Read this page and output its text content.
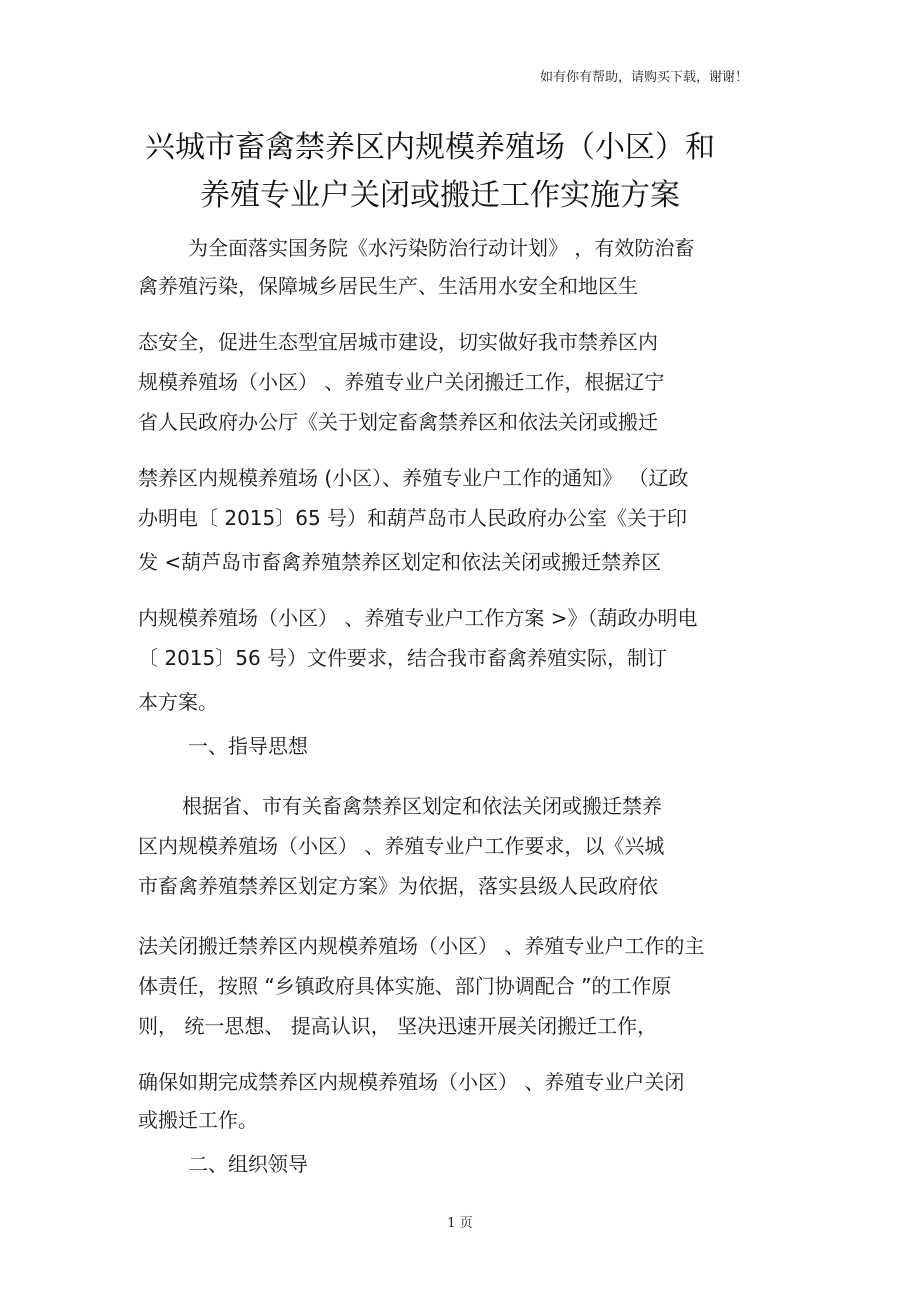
如有你有帮助，请购买下载，谢谢！
兴城市畜禽禁养区内规模养殖场（小区）和
养殖专业户关闭或搬迁工作实施方案
为全面落实国务院《水污染防治行动计划》 ，有效防治畜
禽养殖污染，保障城乡居民生产、生活用水安全和地区生
态安全，促进生态型宜居城市建设，切实做好我市禁养区内
规模养殖场（小区） 、养殖专业户关闭搬迁工作，根据辽宁
省人民政府办公厅《关于划定畜禽禁养区和依法关闭或搬迁
禁养区内规模养殖场 (小区）、养殖专业户工作的通知》 （辽政
办明电〔 2015〕65 号）和葫芦岛市人民政府办公室《关于印
发 <葫芦岛市畜禽养殖禁养区划定和依法关闭或搬迁禁养区
内规模养殖场（小区） 、养殖专业户工作方案 >》（葫政办明电
〔 2015〕56 号）文件要求，结合我市畜禽养殖实际，制订
本方案。
一、指导思想
根据省、市有关畜禽禁养区划定和依法关闭或搬迁禁养
区内规模养殖场（小区） 、养殖专业户工作要求，以《兴城
市畜禽养殖禁养区划定方案》为依据，落实县级人民政府依
法关闭搬迁禁养区内规模养殖场（小区） 、养殖专业户工作的主
体责任，按照 “乡镇政府具体实施、部门协调配合 ”的工作原
则， 统一思想、 提高认识， 坚决迅速开展关闭搬迁工作，
确保如期完成禁养区内规模养殖场（小区） 、养殖专业户关闭
或搬迁工作。
二、组织领导
1 页
